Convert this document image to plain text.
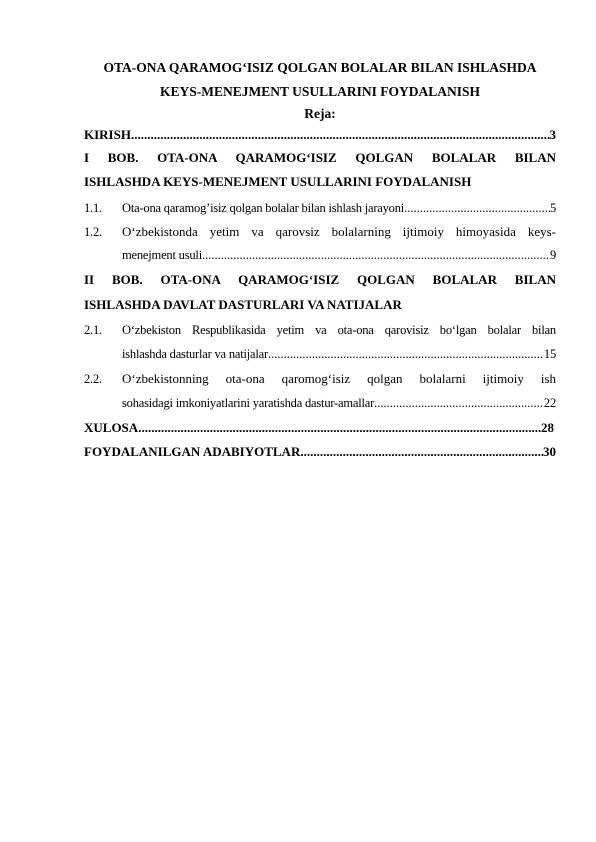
OTA-ONA QARAMOG‘ISIZ QOLGAN BOLALAR BILAN ISHLASHDA
KEYS-MENEJMENT USULLARINI FOYDALANISH
Reja:
KIRISH .....	3
I BOB. OTA-ONA QARAMOG‘ISIZ QOLGAN BOLALAR BILAN
ISHLASHDA KEYS-MENEJMENT USULLARINI FOYDALANISH
1.1.	Ota-ona qaramog’isiz qolgan bolalar bilan ishlash jarayoni .....	5
1.2.	O‘zbekistonda yetim va qarovsiz bolalarning ijtimoiy himoyasida keys-
menejment usuli .....	9
II BOB. OTA-ONA QARAMOG‘ISIZ QOLGAN BOLALAR BILAN
ISHLASHDA DAVLAT DASTURLARI VA NATIJALAR
2.1.	O‘zbekiston Respublikasida yetim va ota-ona qarovisiz bo‘lgan bolalar bilan
ishlashda dasturlar va natijalar .....	15
2.2.	O‘zbekistonning ota-ona qaromog‘isiz qolgan bolalarni ijtimoiy ish
sohasidagi imkoniyatlarini yaratishda dastur-amallar .....	22
XULOSA .....	28
FOYDALANILGAN ADABIYOTLAR .....	30
